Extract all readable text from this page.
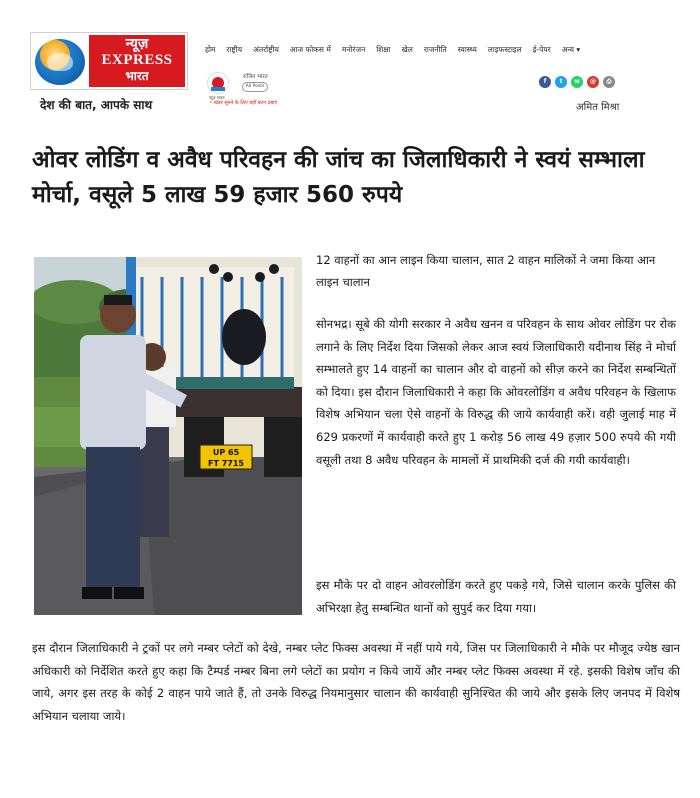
न्यूज़
EXPRESS
भारत
देश की बात, आपके साथ
होम राष्ट्रीय अंतर्राष्ट्रीय आज फोकस में मनोरंजन शिक्षा खेल राजनीति स्वास्थ्य लाइफस्टाइल ई-पेपर अन्य ▾
न्यूज़ भारत
राजित भारत
All Posts
• खबर सुनने के लिए यहाँ बटन दबाएं
f	t	w	@	⎙
अमित मिश्रा
ओवर लोडिंग व अवैध परिवहन की जांच का जिलाधिकारी ने स्वयं सम्भाला मोर्चा, वसूले 5 लाख 59 हजार 560 रुपये
UP 65
FT 7715

12 वाहनों का आन लाइन किया चालान, सात 2 वाहन मालिकों ने जमा किया आन लाइन चालान

सोनभद्र। सूबे की योगी सरकार ने अवैध खनन व परिवहन के साथ ओवर लोडिंग पर रोक लगाने के लिए निर्देश दिया जिसको लेकर आज स्वयं जिलाधिकारी यदीनाथ सिंह ने मोर्चा सम्भालते हुए 14 वाहनों का चालान और दो वाहनों को सीज़ करने का निर्देश सम्बन्धितों को दिया। इस दौरान जिलाधिकारी ने कहा कि ओवरलोडिंग व अवैध परिवहन के खिलाफ विशेष अभियान चला ऐसे वाहनों के विरुद्ध की जाये कार्यवाही करें। वही जुलाई माह में 629 प्रकरणों में कार्यवाही करते हुए 1 करोड़ 56 लाख 49 हज़ार 500 रुपये की गयी वसूली तथा 8 अवैध परिवहन के मामलों में प्राथमिकी दर्ज की गयी कार्यवाही।

इस मौके पर दो वाहन ओवरलोडिंग करते हुए पकड़े गये, जिसे चालान करके पुलिस की अभिरक्षा हेतु सम्बन्धित थानों को सुपुर्द कर दिया गया।

इस दौरान जिलाधिकारी ने ट्रकों पर लगे नम्बर प्लेटों को देखे, नम्बर प्लेट फिक्स अवस्था में नहीं पाये गये, जिस पर जिलाधिकारी ने मौके पर मौजूद ज्येष्ठ खान अधिकारी को निर्देशित करते हुए कहा कि टैम्पर्ड नम्बर बिना लगे प्लेटों का प्रयोग न किये जायें और नम्बर प्लेट फिक्स अवस्था में रहे. इसकी विशेष जाँच की जाये, अगर इस तरह के कोई 2 वाहन पाये जाते हैं, तो उनके विरुद्ध नियमानुसार चालान की कार्यवाही सुनिश्चित की जाये और इसके लिए जनपद में विशेष अभियान चलाया जाये।
